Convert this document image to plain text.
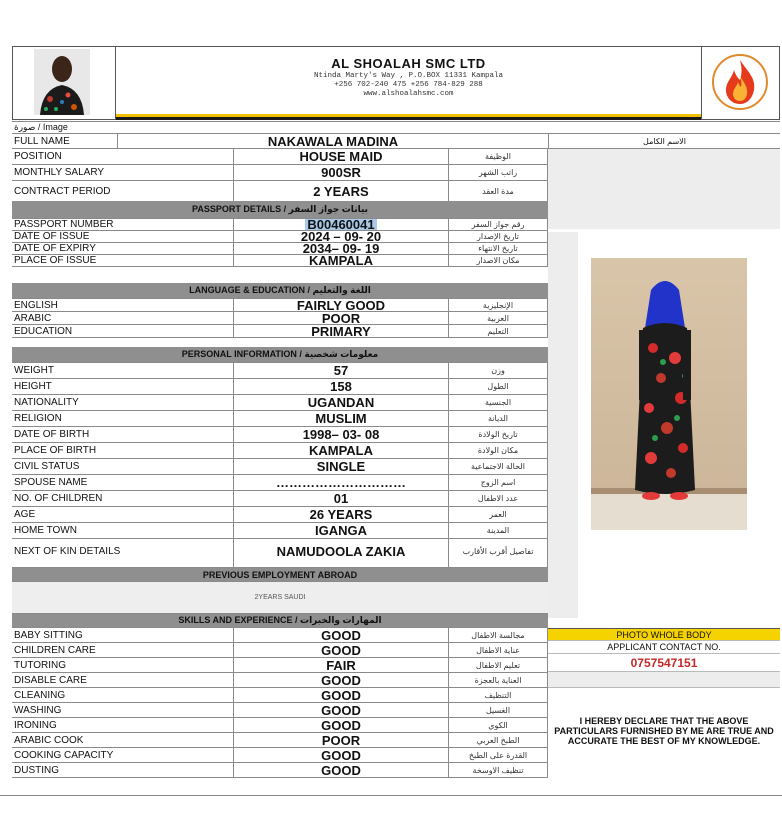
AL SHOALAH SMC LTD
Ntinda Marty's Way , P.O.BOX 11331 Kampala
+256 702-240 475 +256 784-829 288
www.alshoalahsmc.com
صورة / Image
FULL NAME	NAKAWALA MADINA	الاسم الكامل
POSITION	HOUSE MAID	الوظيفة
MONTHLY SALARY	900SR	راتب الشهر
CONTRACT PERIOD	2 YEARS	مدة العقد
PHOTO WHOLE BODY
APPLICANT CONTACT NO.
0757547151
I HEREBY DECLARE THAT THE ABOVE PARTICULARS FURNISHED BY ME ARE TRUE AND ACCURATE THE BEST OF MY KNOWLEDGE.
PASSPORT DETAILS / بيانات جواز السفر
PASSPORT NUMBER	B00460041	رقم جواز السفر
DATE OF ISSUE	2024 – 09- 20	تاريخ الإصدار
DATE OF EXPIRY	2034– 09- 19	تاريخ الانتهاء
PLACE OF ISSUE	KAMPALA	مكان الاصدار
LANGUAGE & EDUCATION / اللغة والتعليم
ENGLISH	FAIRLY GOOD	الإنجليزية
ARABIC	POOR	العربية
EDUCATION	PRIMARY	التعليم
PERSONAL INFORMATION / معلومات شخصية
WEIGHT	57	وزن
HEIGHT	158	الطول
NATIONALITY	UGANDAN	الجنسية
RELIGION	MUSLIM	الديانة
DATE OF BIRTH	1998– 03- 08	تاريخ الولادة
PLACE OF BIRTH	KAMPALA	مكان الولادة
CIVIL STATUS	SINGLE	الحالة الاجتماعية
SPOUSE NAME	…………………………	اسم الزوج
NO. OF CHILDREN	01	عدد الاطفال
AGE	26 YEARS	العمر
HOME TOWN	IGANGA	المدينة
NEXT OF KIN DETAILS	NAMUDOOLA ZAKIA	تفاصيل أقرب الأقارب
PREVIOUS EMPLOYMENT ABROAD
2YEARS SAUDI
SKILLS AND EXPERIENCE / المهارات والخبرات
BABY SITTING	GOOD	مجالسة الاطفال
CHILDREN CARE	GOOD	عناية الاطفال
TUTORING	FAIR	تعليم الاطفال
DISABLE CARE	GOOD	العناية بالعجزة
CLEANING	GOOD	التنظيف
WASHING	GOOD	الغسيل
IRONING	GOOD	الكوي
ARABIC COOK	POOR	الطبخ العربي
COOKING CAPACITY	GOOD	القدرة على الطبخ
DUSTING	GOOD	تنظيف الاوسخة
